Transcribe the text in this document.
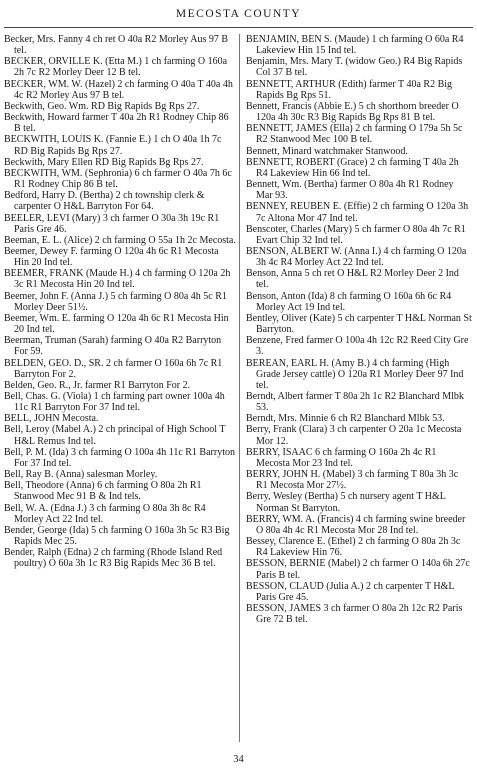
MECOSTA COUNTY

Becker, Mrs. Fanny 4 ch ret O 40a R2 Morley Aus 97 B tel.

BECKER, ORVILLE K. (Etta M.) 1 ch farming O 160a 2h 7c R2 Morley Deer 12 B tel.

BECKER, WM. W. (Hazel) 2 ch farming O 40a T 40a 4h 4c R2 Morley Aus 97 B tel.

Beckwith, Geo. Wm. RD Big Rapids Bg Rps 27.

Beckwith, Howard farmer T 40a 2h R1 Rodney Chip 86 B tel.

BECKWITH, LOUIS K. (Fannie E.) 1 ch O 40a 1h 7c RD Big Rapids Bg Rps 27.

Beckwith, Mary Ellen RD Big Rapids Bg Rps 27.

BECKWITH, WM. (Sephronia) 6 ch farmer O 40a 7h 6c R1 Rodney Chip 86 B tel.

Bedford, Harry D. (Bertha) 2 ch township clerk & carpenter O H&L Barryton For 64.

BEELER, LEVI (Mary) 3 ch farmer O 30a 3h 19c R1 Paris Gre 46.

Beeman, E. L. (Alice) 2 ch farming O 55a 1h 2c Mecosta.

Beemer, Dewey F. farming O 120a 4h 6c R1 Mecosta Hin 20 Ind tel.

BEEMER, FRANK (Maude H.) 4 ch farming O 120a 2h 3c R1 Mecosta Hin 20 Ind tel.

Beemer, John F. (Anna J.) 5 ch farming O 80a 4h 5c R1 Morley Deer 51½.

Beemer, Wm. E. farming O 120a 4h 6c R1 Mecosta Hin 20 Ind tel.

Beerman, Truman (Sarah) farming O 40a R2 Barryton For 59.

BELDEN, GEO. D., SR. 2 ch farmer O 160a 6h 7c R1 Barryton For 2.

Belden, Geo. R., Jr. farmer R1 Barryton For 2.

Bell, Chas. G. (Viola) 1 ch farming part owner 100a 4h 11c R1 Barryton For 37 Ind tel.

BELL, JOHN Mecosta.

Bell, Leroy (Mabel A.) 2 ch principal of High School T H&L Remus Ind tel.

Bell, P. M. (Ida) 3 ch farming O 100a 4h 11c R1 Barryton For 37 Ind tel.

Bell, Ray B. (Anna) salesman Morley.

Bell, Theodore (Anna) 6 ch farming O 80a 2h R1 Stanwood Mec 91 B & Ind tels.

Bell, W. A. (Edna J.) 3 ch farming O 80a 3h 8c R4 Morley Act 22 Ind tel.

Bender, George (Ida) 5 ch farming O 160a 3h 5c R3 Big Rapids Mec 25.

Bender, Ralph (Edna) 2 ch farming (Rhode Island Red poultry) O 60a 3h 1c R3 Big Rapids Mec 36 B tel.

BENJAMIN, BEN S. (Maude) 1 ch farming O 60a R4 Lakeview Hin 15 Ind tel.

Benjamin, Mrs. Mary T. (widow Geo.) R4 Big Rapids Col 37 B tel.

BENNETT, ARTHUR (Edith) farmer T 40a R2 Big Rapids Bg Rps 51.

Bennett, Francis (Abbie E.) 5 ch shorthorn breeder O 120a 4h 30c R3 Big Rapids Bg Rps 81 B tel.

BENNETT, JAMES (Ella) 2 ch farming O 179a 5h 5c R2 Stanwood Mec 100 B tel.

Bennett, Minard watchmaker Stanwood.

BENNETT, ROBERT (Grace) 2 ch farming T 40a 2h R4 Lakeview Hin 66 Ind tel.

Bennett, Wm. (Bertha) farmer O 80a 4h R1 Rodney Mar 93.

BENNEY, REUBEN E. (Effie) 2 ch farming O 120a 3h 7c Altona Mor 47 Ind tel.

Benscoter, Charles (Mary) 5 ch farmer O 80a 4h 7c R1 Evart Chip 32 Ind tel.

BENSON, ALBERT W. (Anna I.) 4 ch farming O 120a 3h 4c R4 Morley Act 22 Ind tel.

Benson, Anna 5 ch ret O H&L R2 Morley Deer 2 Ind tel.

Benson, Anton (Ida) 8 ch farming O 160a 6h 6c R4 Morley Act 19 Ind tel.

Bentley, Oliver (Kate) 5 ch carpenter T H&L Norman St Barryton.

Benzene, Fred farmer O 100a 4h 12c R2 Reed City Gre 3.

BEREAN, EARL H. (Amy B.) 4 ch farming (High Grade Jersey cattle) O 120a R1 Morley Deer 97 Ind tel.

Berndt, Albert farmer T 80a 2h 1c R2 Blanchard Mlbk 53.

Berndt, Mrs. Minnie 6 ch R2 Blanchard Mlbk 53.

Berry, Frank (Clara) 3 ch carpenter O 20a 1c Mecosta Mor 12.

BERRY, ISAAC 6 ch farming O 160a 2h 4c R1 Mecosta Mor 23 Ind tel.

BERRY, JOHN H. (Mabel) 3 ch farming T 80a 3h 3c R1 Mecosta Mor 27½.

Berry, Wesley (Bertha) 5 ch nursery agent T H&L Norman St Barryton.

BERRY, WM. A. (Francis) 4 ch farming swine breeder O 80a 4h 4c R1 Mecosta Mor 28 Ind tel.

Bessey, Clarence E. (Ethel) 2 ch farming O 80a 2h 3c R4 Lakeview Hin 76.

BESSON, BERNIE (Mabel) 2 ch farmer O 140a 6h 27c Paris B tel.

BESSON, CLAUD (Julia A.) 2 ch carpenter T H&L Paris Gre 45.

BESSON, JAMES 3 ch farmer O 80a 2h 12c R2 Paris Gre 72 B tel.

34
